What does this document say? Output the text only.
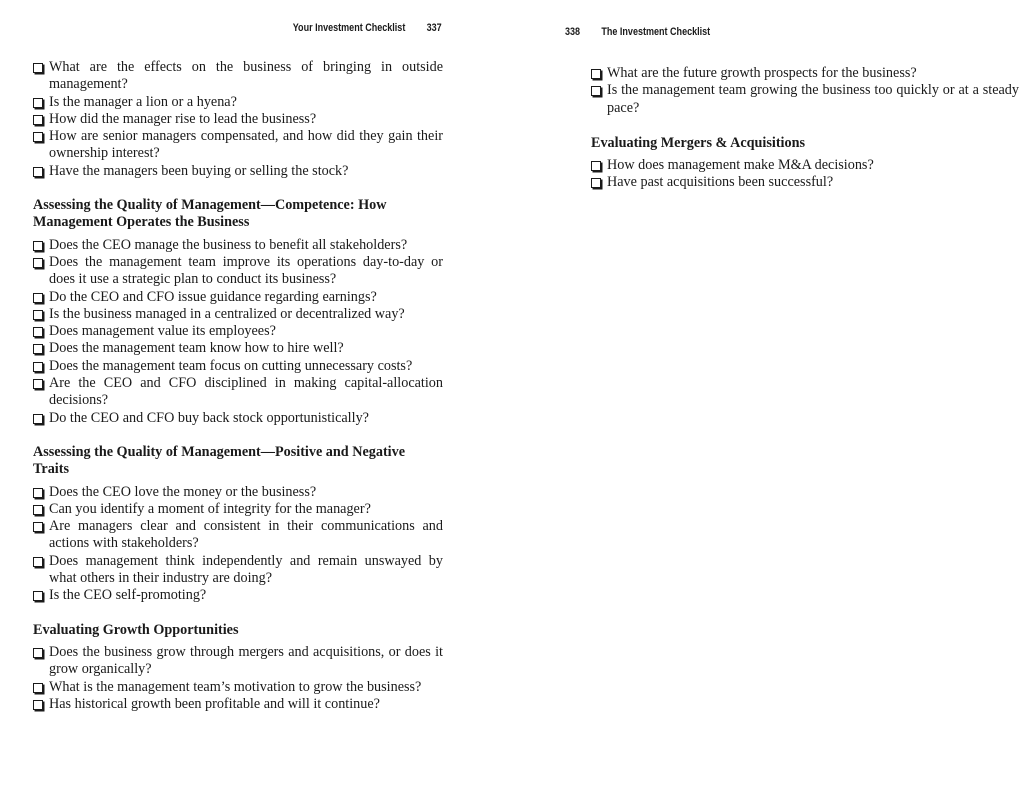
Your Investment Checklist 337
What are the effects on the business of bringing in outside management?
Is the manager a lion or a hyena?
How did the manager rise to lead the business?
How are senior managers compensated, and how did they gain their ownership interest?
Have the managers been buying or selling the stock?
Assessing the Quality of Management—Competence: How Management Operates the Business
Does the CEO manage the business to benefit all stakeholders?
Does the management team improve its operations day-to-day or does it use a strategic plan to conduct its business?
Do the CEO and CFO issue guidance regarding earnings?
Is the business managed in a centralized or decentralized way?
Does management value its employees?
Does the management team know how to hire well?
Does the management team focus on cutting unnecessary costs?
Are the CEO and CFO disciplined in making capital-allocation decisions?
Do the CEO and CFO buy back stock opportunistically?
Assessing the Quality of Management—Positive and Negative Traits
Does the CEO love the money or the business?
Can you identify a moment of integrity for the manager?
Are managers clear and consistent in their communications and actions with stakeholders?
Does management think independently and remain unswayed by what others in their industry are doing?
Is the CEO self-promoting?
Evaluating Growth Opportunities
Does the business grow through mergers and acquisitions, or does it grow organically?
What is the management team’s motivation to grow the business?
Has historical growth been profitable and will it continue?
338 The Investment Checklist
What are the future growth prospects for the business?
Is the management team growing the business too quickly or at a steady pace?
Evaluating Mergers & Acquisitions
How does management make M&A decisions?
Have past acquisitions been successful?
